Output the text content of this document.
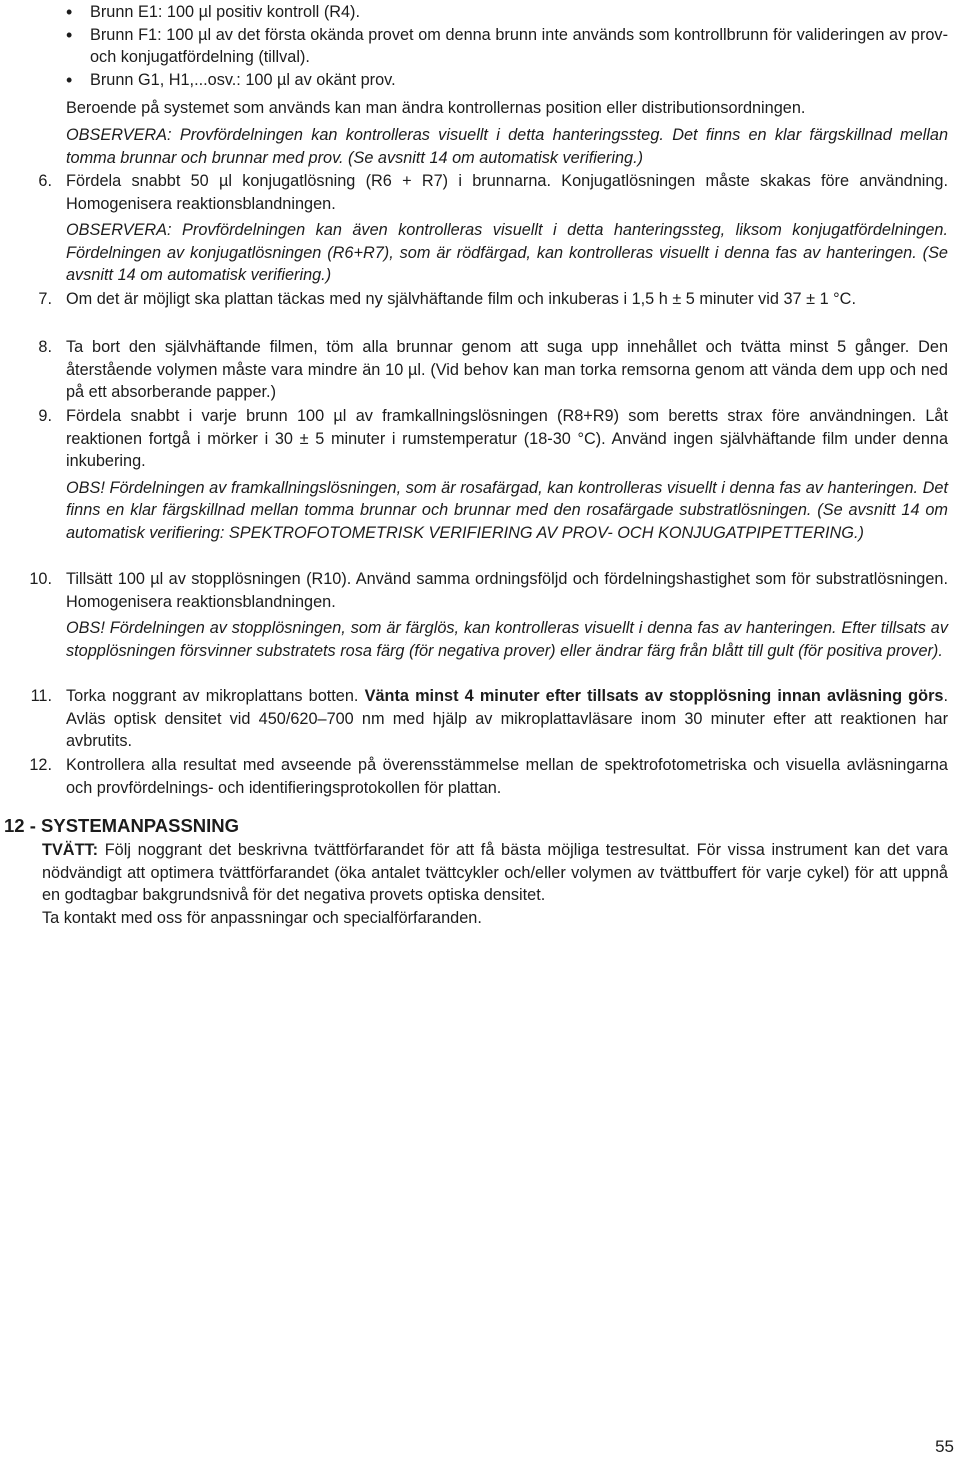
• Brunn E1: 100 µl positiv kontroll (R4).
• Brunn F1: 100 µl av det första okända provet om denna brunn inte används som kontrollbrunn för valideringen av prov- och konjugatfördelning (tillval).
• Brunn G1, H1,...osv.: 100 µl av okänt prov.

Beroende på systemet som används kan man ändra kontrollernas position eller distributionsordningen.

OBSERVERA: Provfördelningen kan kontrolleras visuellt i detta hanteringssteg. Det finns en klar färgskillnad mellan tomma brunnar och brunnar med prov. (Se avsnitt 14 om automatisk verifiering.)

6. Fördela snabbt 50 µl konjugatlösning (R6 + R7) i brunnarna. Konjugatlösningen måste skakas före användning. Homogenisera reaktionsblandningen.

OBSERVERA: Provfördelningen kan även kontrolleras visuellt i detta hanteringssteg, liksom konjugatfördelningen. Fördelningen av konjugatlösningen (R6+R7), som är rödfärgad, kan kontrolleras visuellt i denna fas av hanteringen. (Se avsnitt 14 om automatisk verifiering.)

7. Om det är möjligt ska plattan täckas med ny självhäftande film och inkuberas i 1,5 h ± 5 minuter vid 37 ± 1 °C.

8. Ta bort den självhäftande filmen, töm alla brunnar genom att suga upp innehållet och tvätta minst 5 gånger. Den återstående volymen måste vara mindre än 10 µl. (Vid behov kan man torka remsorna genom att vända dem upp och ned på ett absorberande papper.)

9. Fördela snabbt i varje brunn 100 µl av framkallningslösningen (R8+R9) som beretts strax före användningen. Låt reaktionen fortgå i mörker i 30 ± 5 minuter i rumstemperatur (18-30 °C). Använd ingen självhäftande film under denna inkubering.

OBS! Fördelningen av framkallningslösningen, som är rosafärgad, kan kontrolleras visuellt i denna fas av hanteringen. Det finns en klar färgskillnad mellan tomma brunnar och brunnar med den rosafärgade substratlösningen. (Se avsnitt 14 om automatisk verifiering: SPEKTROFOTOMETRISK VERIFIERING AV PROV- OCH KONJUGATPIPETTERING.)

10. Tillsätt 100 µl av stopplösningen (R10). Använd samma ordningsföljd och fördelningshastighet som för substratlösningen. Homogenisera reaktionsblandningen.

OBS! Fördelningen av stopplösningen, som är färglös, kan kontrolleras visuellt i denna fas av hanteringen. Efter tillsats av stopplösningen försvinner substratets rosa färg (för negativa prover) eller ändrar färg från blått till gult (för positiva prover).

11. Torka noggrant av mikroplattans botten. Vänta minst 4 minuter efter tillsats av stopplösning innan avläsning görs. Avläs optisk densitet vid 450/620–700 nm med hjälp av mikroplattavläsare inom 30 minuter efter att reaktionen har avbrutits.

12. Kontrollera alla resultat med avseende på överensstämmelse mellan de spektrofotometriska och visuella avläsningarna och provfördelnings- och identifieringsprotokollen för plattan.

12 - SYSTEMANPASSNING

TVÄTT: Följ noggrant det beskrivna tvättförfarandet för att få bästa möjliga testresultat. För vissa instrument kan det vara nödvändigt att optimera tvättförfarandet (öka antalet tvättcykler och/eller volymen av tvättbuffert för varje cykel) för att uppnå en godtagbar bakgrundsnivå för det negativa provets optiska densitet.

Ta kontakt med oss för anpassningar och specialförfaranden.

55
